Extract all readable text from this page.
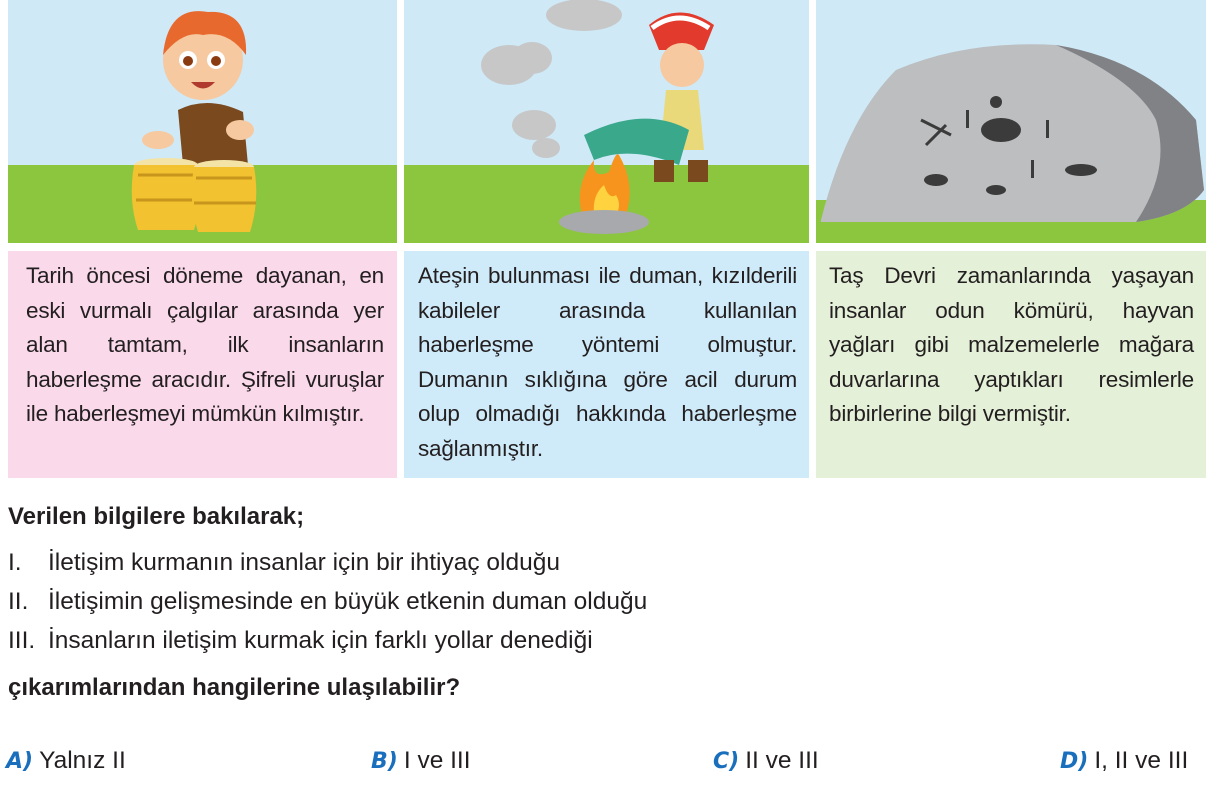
Tarih öncesi döneme dayanan, en eski vurmalı çalgılar arasında yer alan tamtam, ilk insanların haberleşme aracıdır. Şifreli vuruşlar ile haberleşmeyi mümkün kılmıştır.
Ateşin bulunması ile duman, kızılderili kabileler arasında kullanılan haberleşme yöntemi olmuştur. Dumanın sıklığına göre acil durum olup olmadığı hakkında haberleşme sağlanmıştır.
Taş Devri zamanlarında yaşayan insanlar odun kömürü, hayvan yağları gibi malzemelerle mağara duvarlarına yaptıkları resimlerle birbirlerine bilgi vermiştir.
Verilen bilgilere bakılarak;
I. İletişim kurmanın insanlar için bir ihtiyaç olduğu
II. İletişimin gelişmesinde en büyük etkenin duman olduğu
III. İnsanların iletişim kurmak için farklı yollar denediği
çıkarımlarından hangilerine ulaşılabilir?
A) Yalnız II	B) I ve III	C) II ve III	D) I, II ve III
